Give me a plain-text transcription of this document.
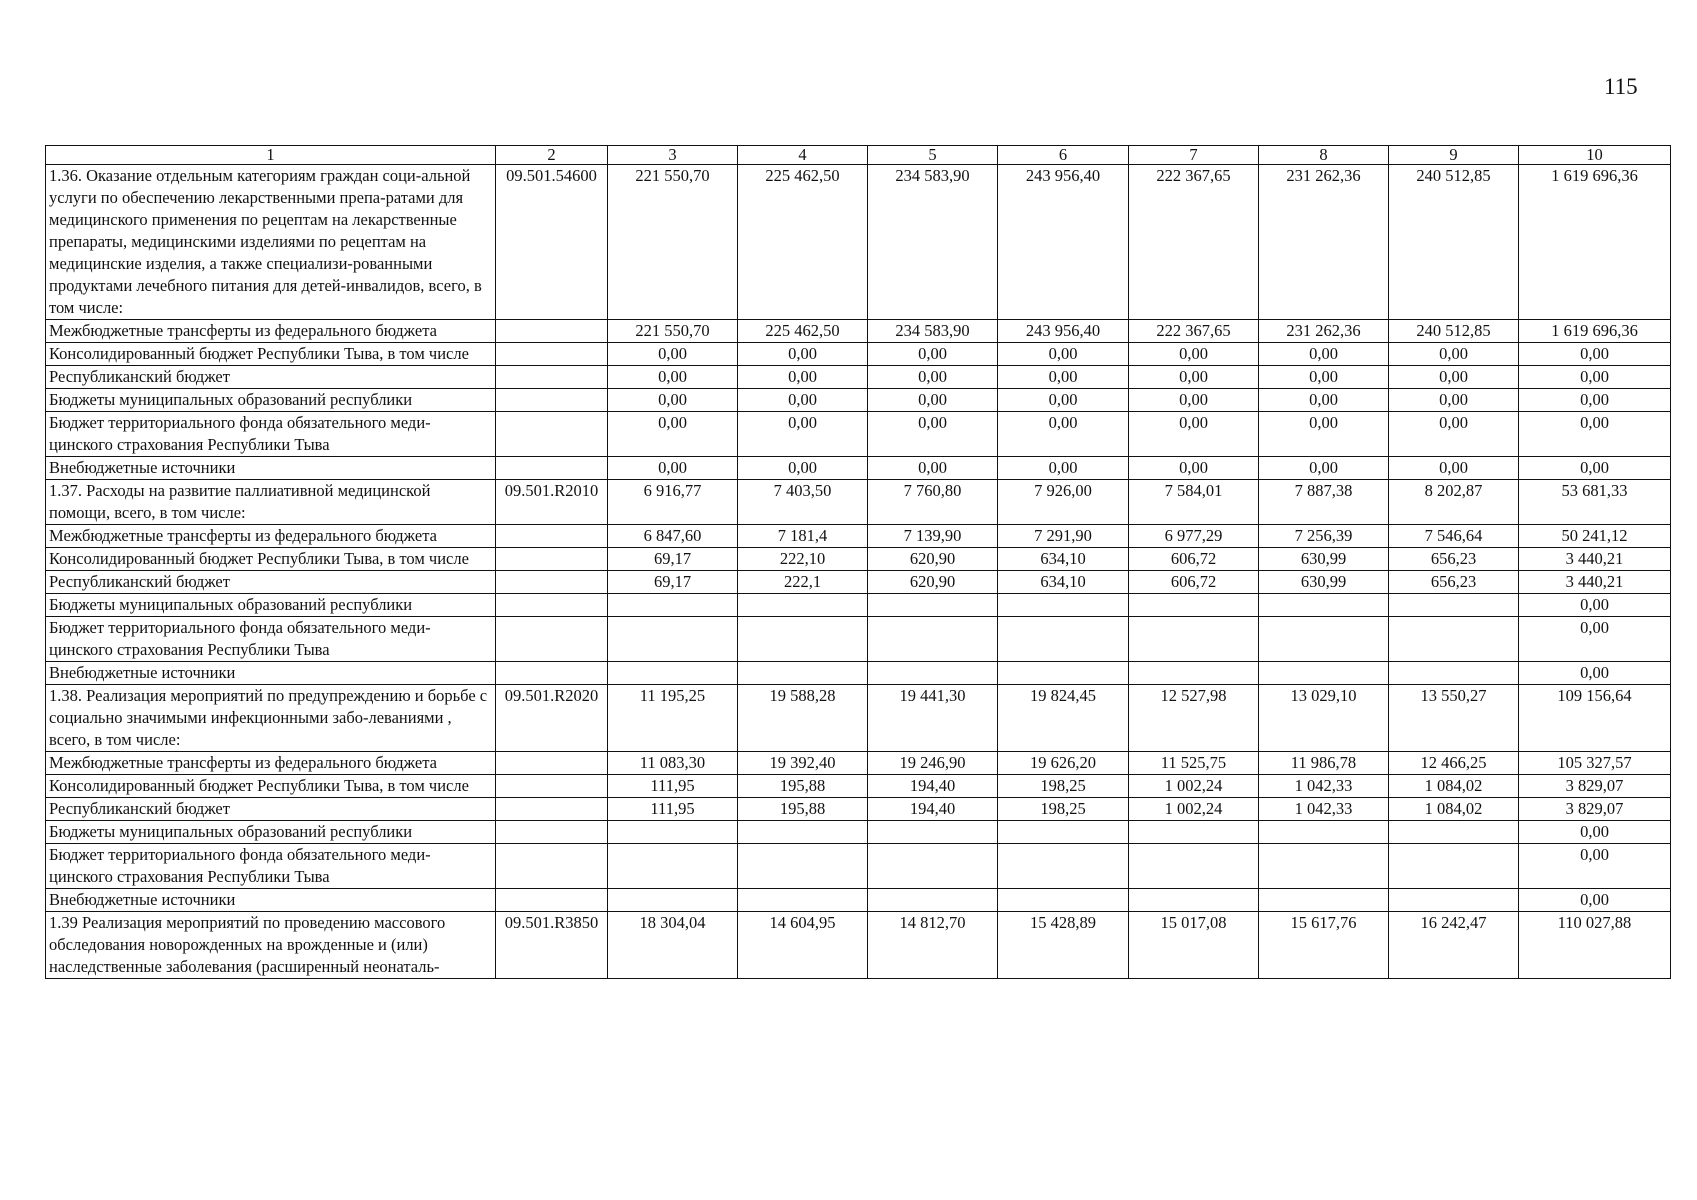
115
1	2	3	4	5	6	7	8	9	10
1.36. Оказание отдельным категориям граждан соци-альной услуги по обеспечению лекарственными препа-ратами для медицинского применения по рецептам на лекарственные препараты, медицинскими изделиями по рецептам на медицинские изделия, а также специализи-рованными продуктами лечебного питания для детей-инвалидов, всего, в том числе:	09.501.54600	221 550,70	225 462,50	234 583,90	243 956,40	222 367,65	231 262,36	240 512,85	1 619 696,36
Межбюджетные трансферты из федерального бюджета		221 550,70	225 462,50	234 583,90	243 956,40	222 367,65	231 262,36	240 512,85	1 619 696,36
Консолидированный бюджет Республики Тыва, в том числе		0,00	0,00	0,00	0,00	0,00	0,00	0,00	0,00
Республиканский бюджет		0,00	0,00	0,00	0,00	0,00	0,00	0,00	0,00
Бюджеты муниципальных образований республики		0,00	0,00	0,00	0,00	0,00	0,00	0,00	0,00
Бюджет территориального фонда обязательного меди-цинского страхования Республики Тыва		0,00	0,00	0,00	0,00	0,00	0,00	0,00	0,00
Внебюджетные источники		0,00	0,00	0,00	0,00	0,00	0,00	0,00	0,00
1.37. Расходы на развитие паллиативной медицинской помощи, всего, в том числе:	09.501.R2010	6 916,77	7 403,50	7 760,80	7 926,00	7 584,01	7 887,38	8 202,87	53 681,33
Межбюджетные трансферты из федерального бюджета		6 847,60	7 181,4	7 139,90	7 291,90	6 977,29	7 256,39	7 546,64	50 241,12
Консолидированный бюджет Республики Тыва, в том числе		69,17	222,10	620,90	634,10	606,72	630,99	656,23	3 440,21
Республиканский бюджет		69,17	222,1	620,90	634,10	606,72	630,99	656,23	3 440,21
Бюджеты муниципальных образований республики									0,00
Бюджет территориального фонда обязательного меди-цинского страхования Республики Тыва									0,00
Внебюджетные источники									0,00
1.38. Реализация мероприятий по предупреждению и борьбе с социально значимыми инфекционными забо-леваниями , всего, в том числе:	09.501.R2020	11 195,25	19 588,28	19 441,30	19 824,45	12 527,98	13 029,10	13 550,27	109 156,64
Межбюджетные трансферты из федерального бюджета		11 083,30	19 392,40	19 246,90	19 626,20	11 525,75	11 986,78	12 466,25	105 327,57
Консолидированный бюджет Республики Тыва, в том числе		111,95	195,88	194,40	198,25	1 002,24	1 042,33	1 084,02	3 829,07
Республиканский бюджет		111,95	195,88	194,40	198,25	1 002,24	1 042,33	1 084,02	3 829,07
Бюджеты муниципальных образований республики									0,00
Бюджет территориального фонда обязательного меди-цинского страхования Республики Тыва									0,00
Внебюджетные источники									0,00
1.39 Реализация мероприятий по проведению массового обследования новорожденных на врожденные и (или) наследственные заболевания (расширенный неонаталь-	09.501.R3850	18 304,04	14 604,95	14 812,70	15 428,89	15 017,08	15 617,76	16 242,47	110 027,88
